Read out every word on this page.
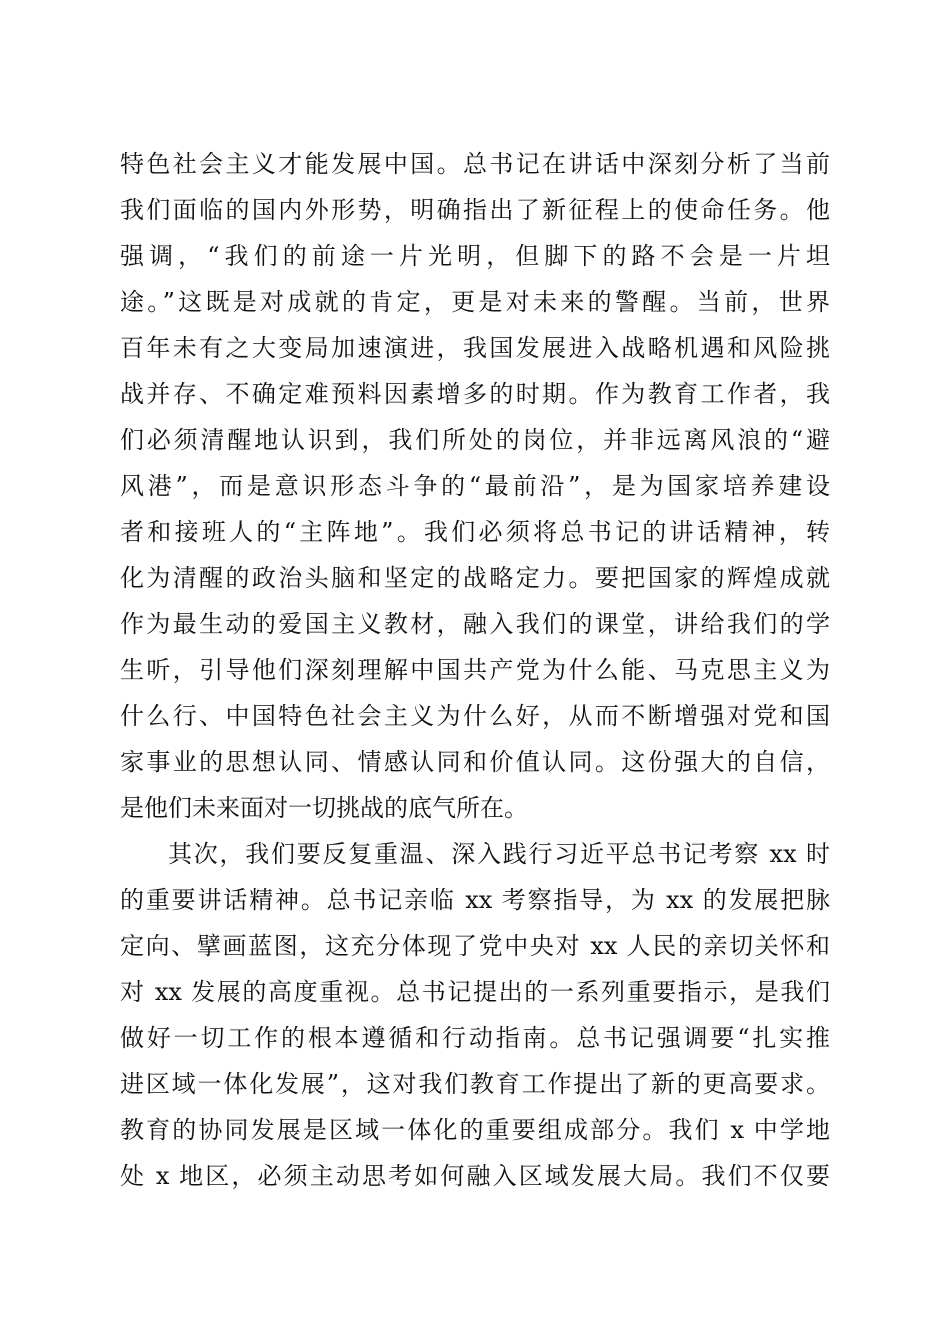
特色社会主义才能发展中国。总书记在讲话中深刻分析了当前
我们面临的国内外形势，明确指出了新征程上的使命任务。他
强调，“我们的前途一片光明，但脚下的路不会是一片坦
途。”这既是对成就的肯定，更是对未来的警醒。当前，世界
百年未有之大变局加速演进，我国发展进入战略机遇和风险挑
战并存、不确定难预料因素增多的时期。作为教育工作者，我
们必须清醒地认识到，我们所处的岗位，并非远离风浪的“避
风港”，而是意识形态斗争的“最前沿”，是为国家培养建设
者和接班人的“主阵地”。我们必须将总书记的讲话精神，转
化为清醒的政治头脑和坚定的战略定力。要把国家的辉煌成就
作为最生动的爱国主义教材，融入我们的课堂，讲给我们的学
生听，引导他们深刻理解中国共产党为什么能、马克思主义为
什么行、中国特色社会主义为什么好，从而不断增强对党和国
家事业的思想认同、情感认同和价值认同。这份强大的自信，
是他们未来面对一切挑战的底气所在。
其次，我们要反复重温、深入践行习近平总书记考察 xx 时
的重要讲话精神。总书记亲临 xx 考察指导，为 xx 的发展把脉
定向、擘画蓝图，这充分体现了党中央对 xx 人民的亲切关怀和
对 xx 发展的高度重视。总书记提出的一系列重要指示，是我们
做好一切工作的根本遵循和行动指南。总书记强调要“扎实推
进区域一体化发展”，这对我们教育工作提出了新的更高要求。
教育的协同发展是区域一体化的重要组成部分。我们 x 中学地
处 x 地区，必须主动思考如何融入区域发展大局。我们不仅要
